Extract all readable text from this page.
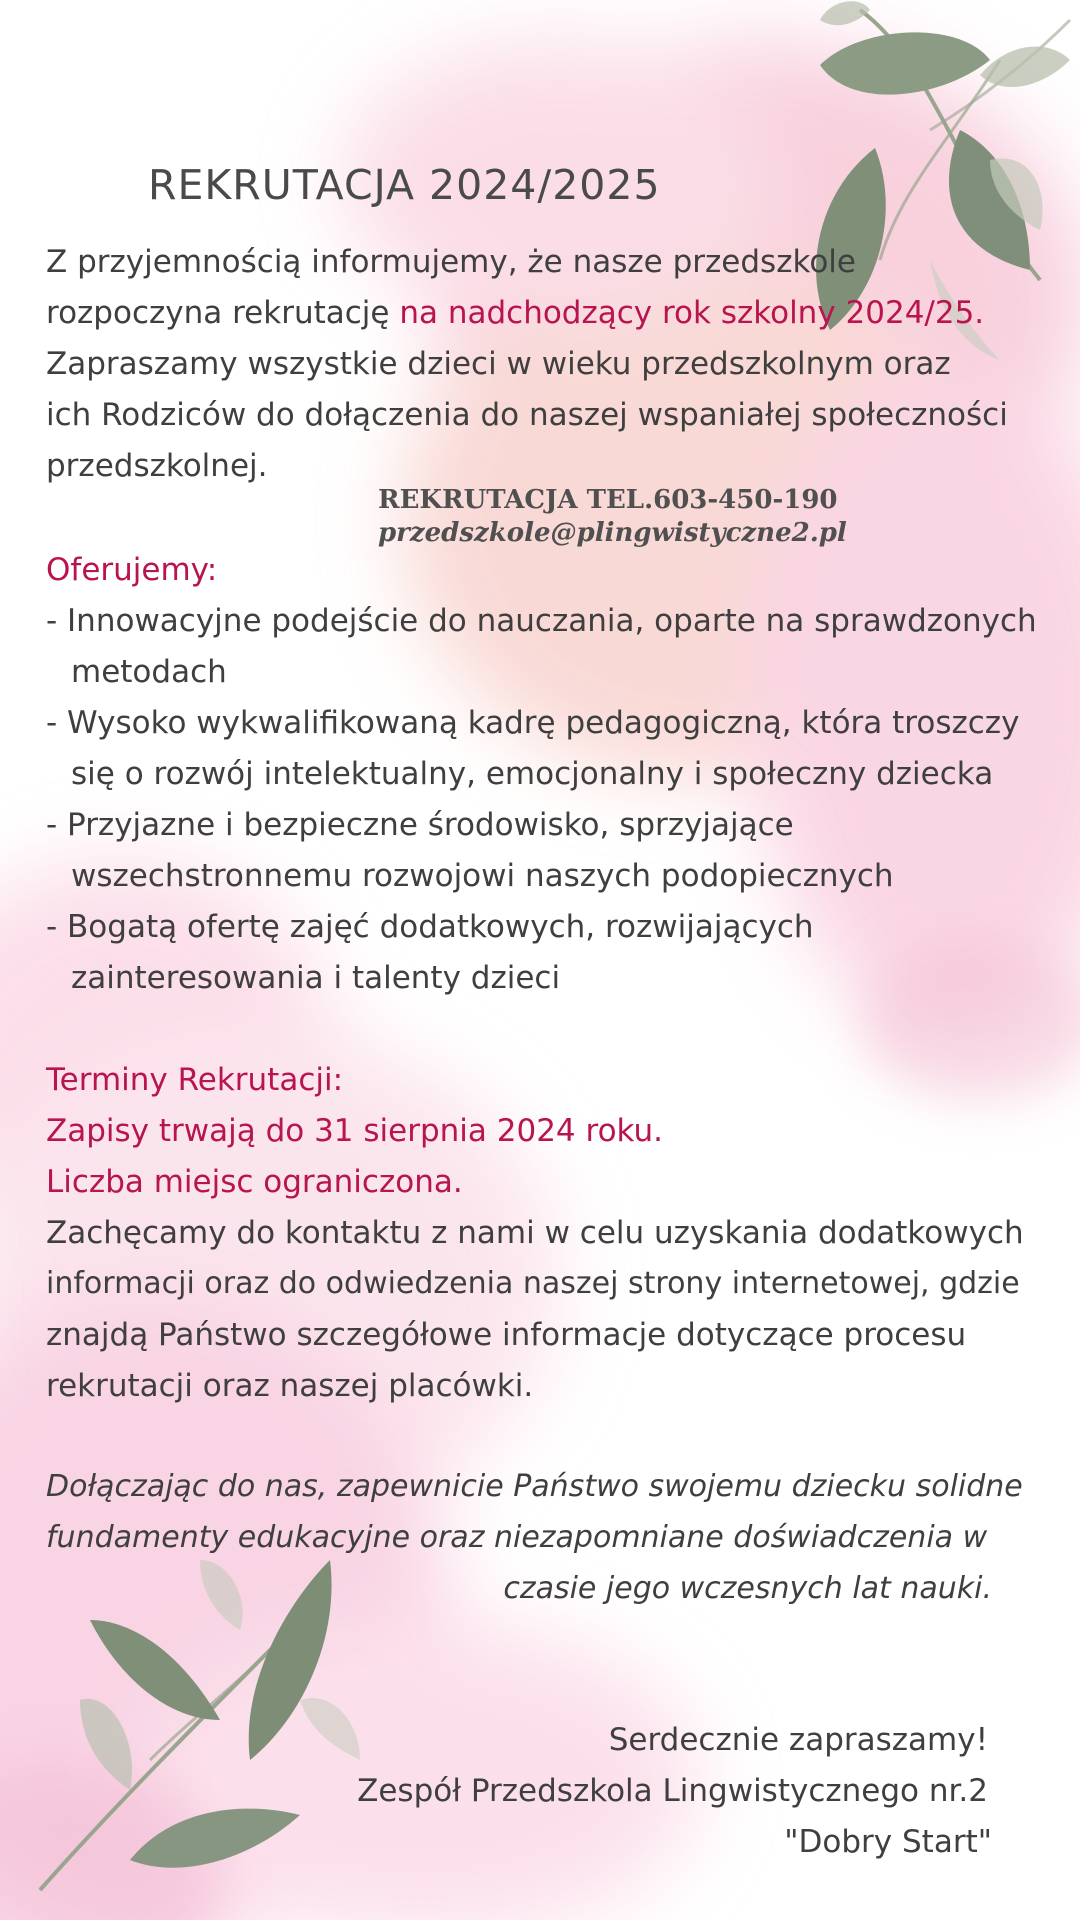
REKRUTACJA 2024/2025
Z przyjemnością informujemy, że nasze przedszkole
rozpoczyna rekrutację na nadchodzący rok szkolny 2024/25.
Zapraszamy wszystkie dzieci w wieku przedszkolnym oraz
ich Rodziców do dołączenia do naszej wspaniałej społeczności
przedszkolnej.
REKRUTACJA TEL.603-450-190
przedszkole@plingwistyczne2.pl
Oferujemy:
- Innowacyjne podejście do nauczania, oparte na sprawdzonych
metodach
- Wysoko wykwalifikowaną kadrę pedagogiczną, która troszczy
się o rozwój intelektualny, emocjonalny i społeczny dziecka
- Przyjazne i bezpieczne środowisko, sprzyjające
wszechstronnemu rozwojowi naszych podopiecznych
- Bogatą ofertę zajęć dodatkowych, rozwijających
zainteresowania i talenty dzieci
Terminy Rekrutacji:
Zapisy trwają do 31 sierpnia 2024 roku.
Liczba miejsc ograniczona.
Zachęcamy do kontaktu z nami w celu uzyskania dodatkowych
informacji oraz do odwiedzenia naszej strony internetowej, gdzie
znajdą Państwo szczegółowe informacje dotyczące procesu
rekrutacji oraz naszej placówki.
Dołączając do nas, zapewnicie Państwo swojemu dziecku solidne
fundamenty edukacyjne oraz niezapomniane doświadczenia w
czasie jego wczesnych lat nauki.
Serdecznie zapraszamy!
Zespół Przedszkola Lingwistycznego nr.2
"Dobry Start"
